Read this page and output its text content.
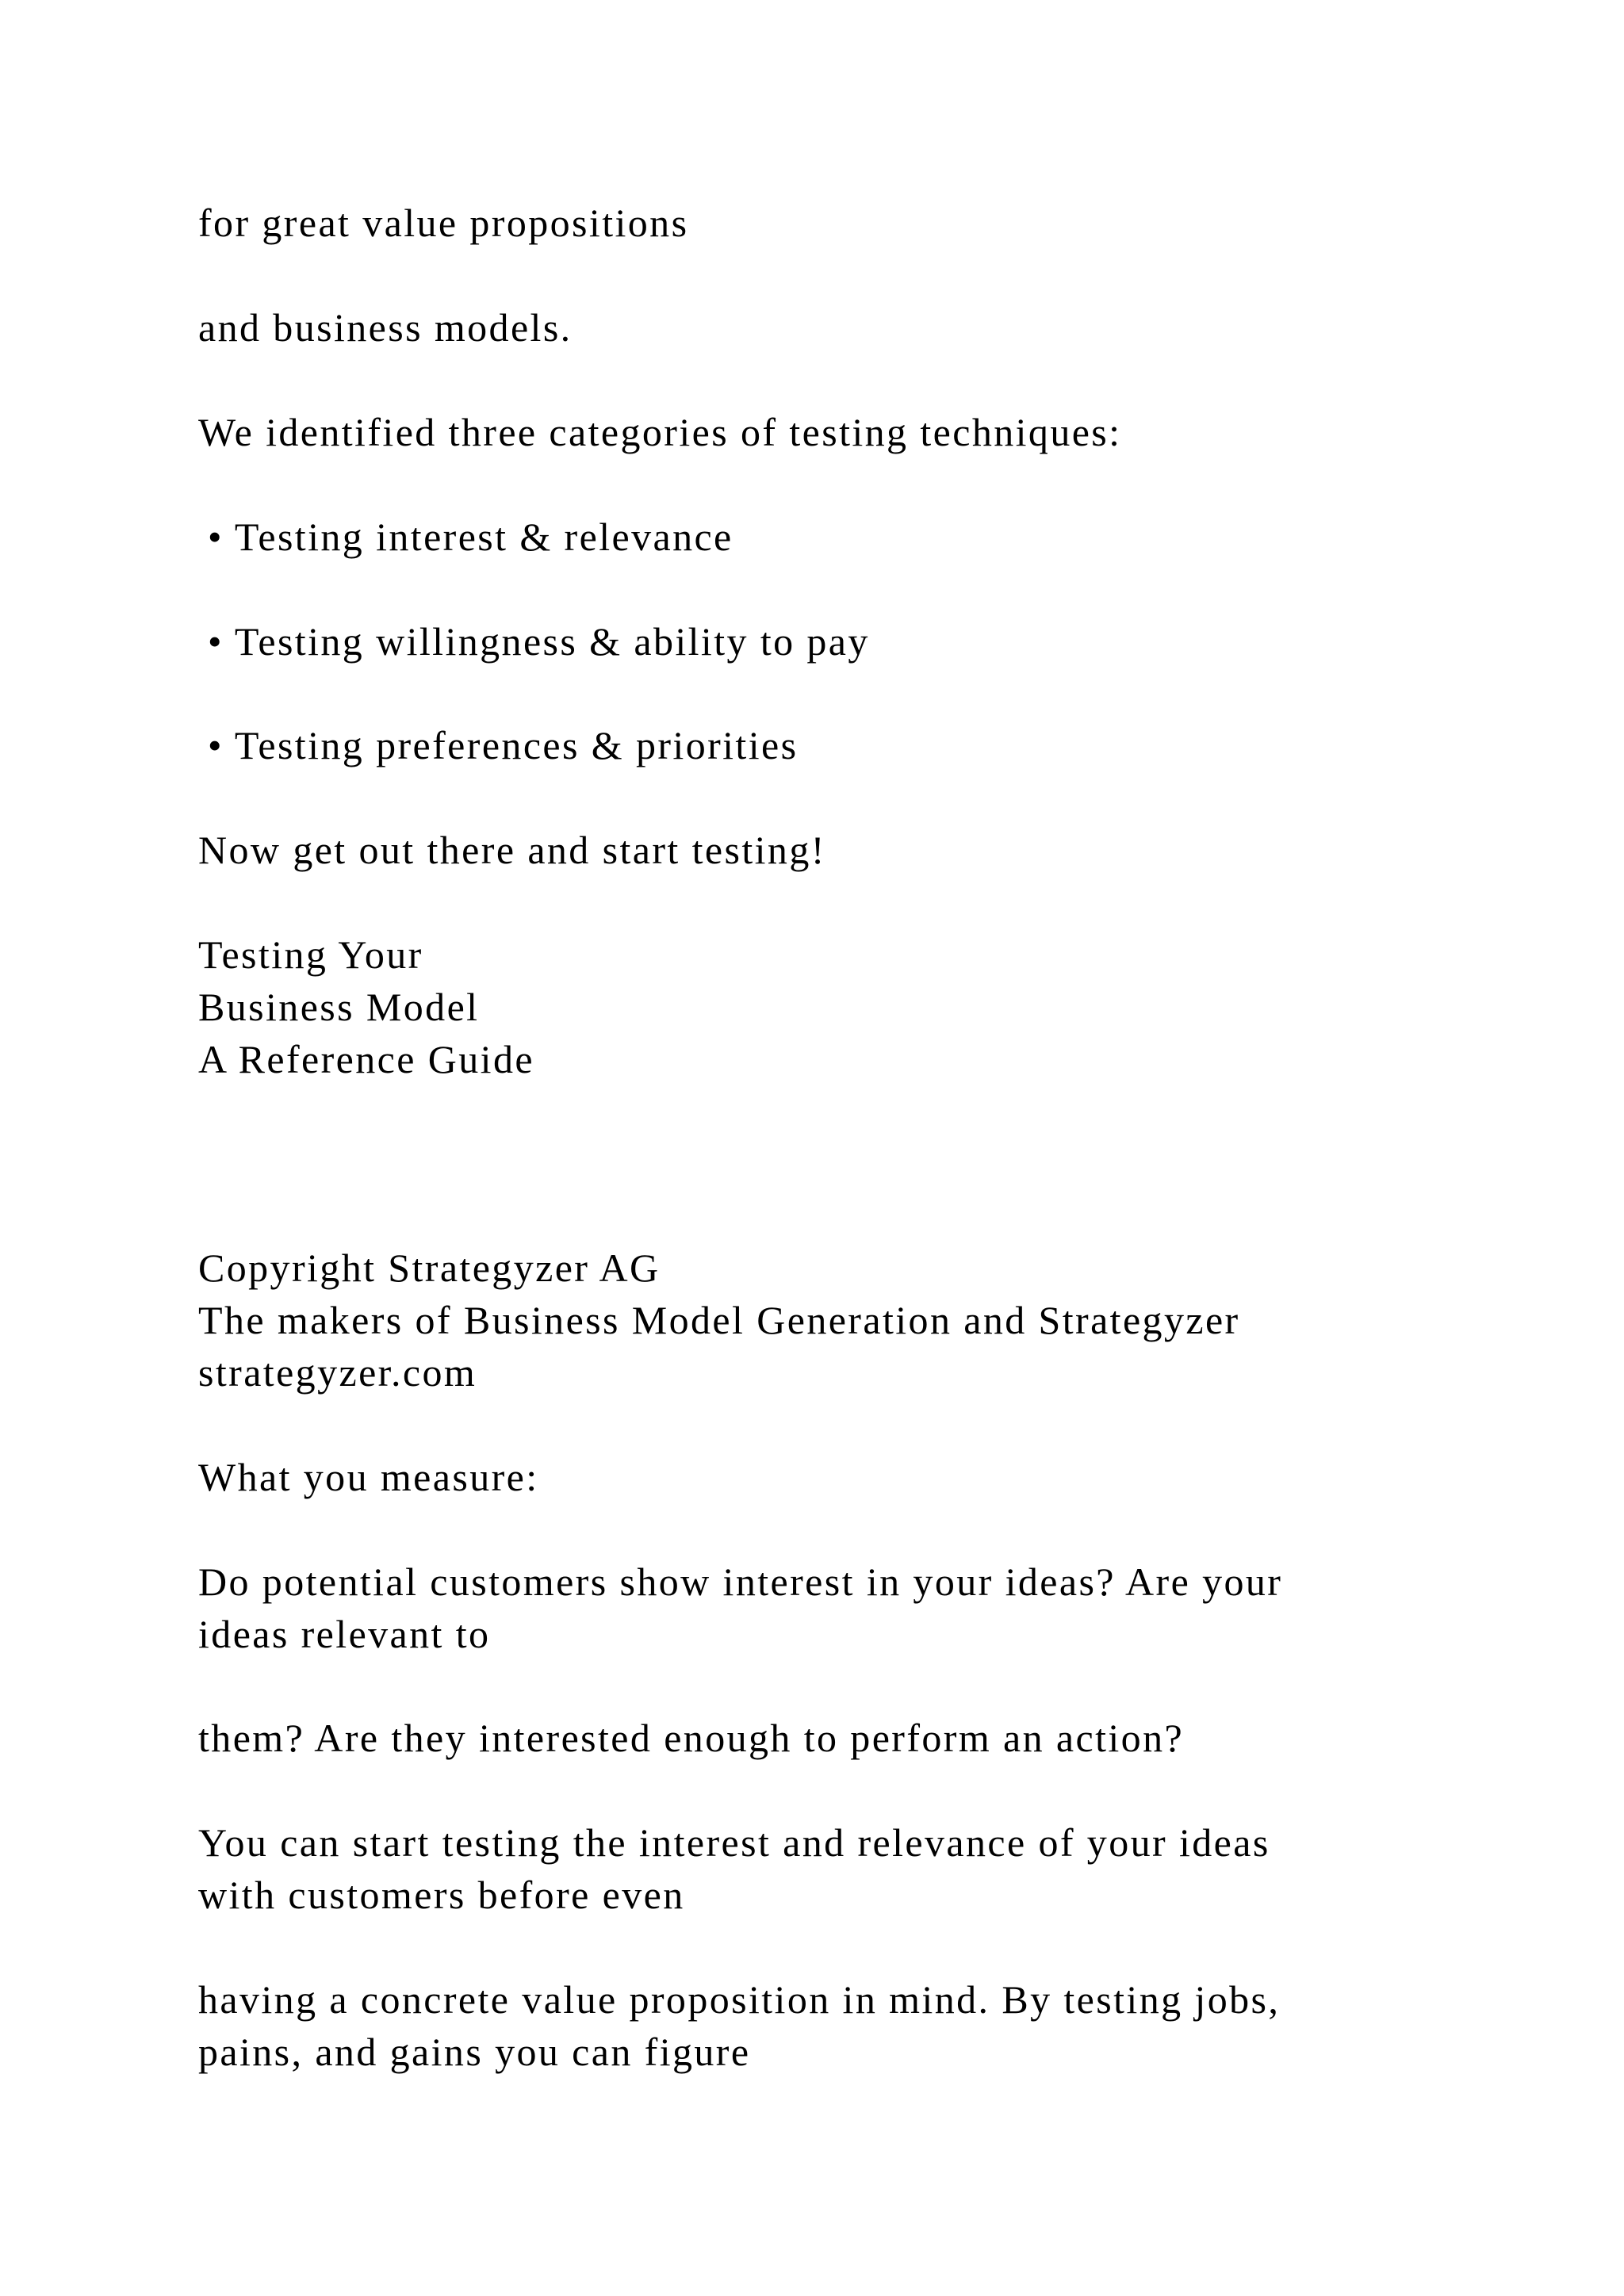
for great value propositions

and business models.

We identified three categories of testing techniques:

• Testing interest & relevance

• Testing willingness & ability to pay

• Testing preferences & priorities

Now get out there and start testing!

Testing Your

Business Model

A Reference Guide

Copyright Strategyzer AG

The makers of Business Model Generation and Strategyzer

strategyzer.com

What you measure:

Do potential customers show interest in your ideas? Are your

ideas relevant to

them? Are they interested enough to perform an action?

You can start testing the interest and relevance of your ideas

with customers before even

having a concrete value proposition in mind. By testing jobs,

pains, and gains you can figure
